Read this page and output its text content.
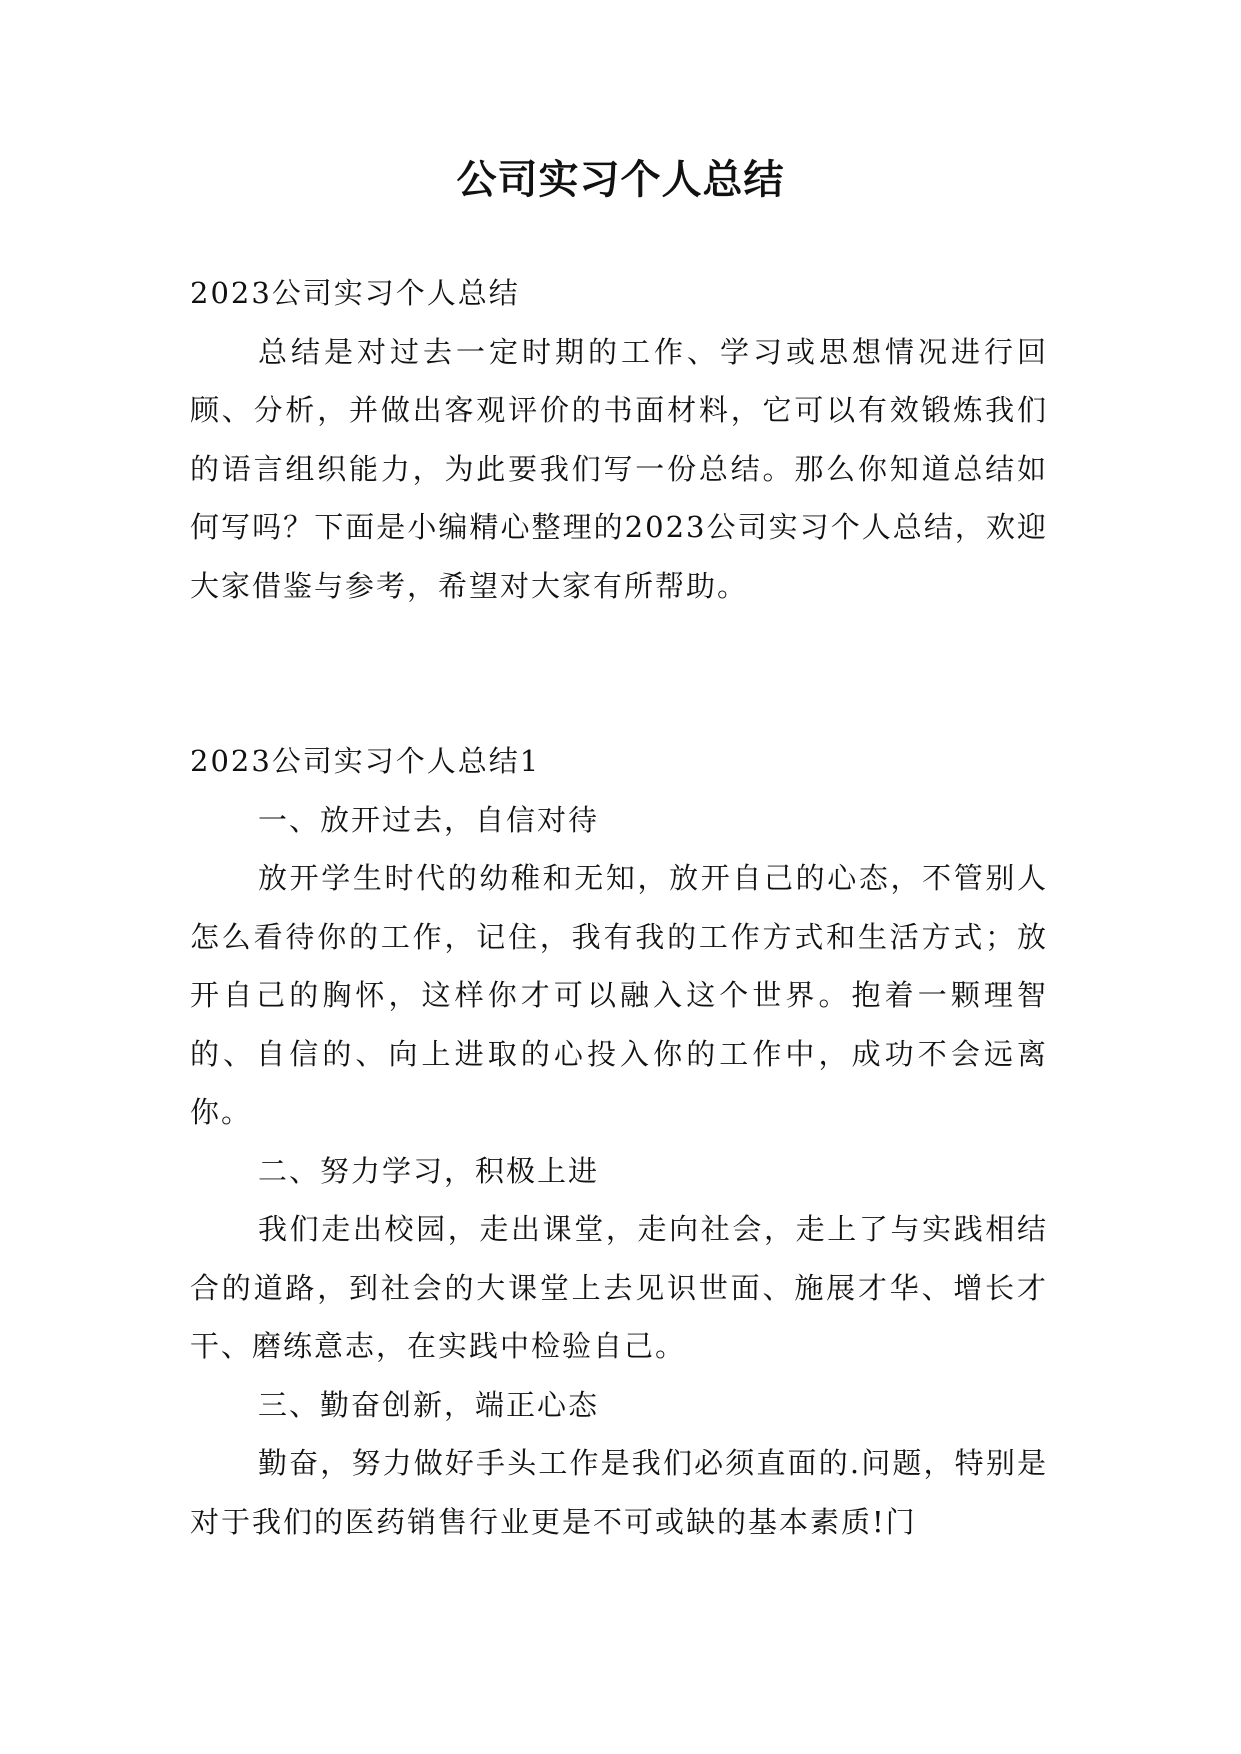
公司实习个人总结

2023公司实习个人总结

总结是对过去一定时期的工作、学习或思想情况进行回顾、分析，并做出客观评价的书面材料，它可以有效锻炼我们的语言组织能力，为此要我们写一份总结。那么你知道总结如何写吗？下面是小编精心整理的2023公司实习个人总结，欢迎大家借鉴与参考，希望对大家有所帮助。

2023公司实习个人总结1

一、放开过去，自信对待

放开学生时代的幼稚和无知，放开自己的心态，不管别人怎么看待你的工作，记住，我有我的工作方式和生活方式；放开自己的胸怀，这样你才可以融入这个世界。抱着一颗理智的、自信的、向上进取的心投入你的工作中，成功不会远离你。

二、努力学习，积极上进

我们走出校园，走出课堂，走向社会，走上了与实践相结合的道路，到社会的大课堂上去见识世面、施展才华、增长才干、磨练意志，在实践中检验自己。

三、勤奋创新，端正心态

勤奋，努力做好手头工作是我们必须直面的.问题，特别是对于我们的医药销售行业更是不可或缺的基本素质!门
